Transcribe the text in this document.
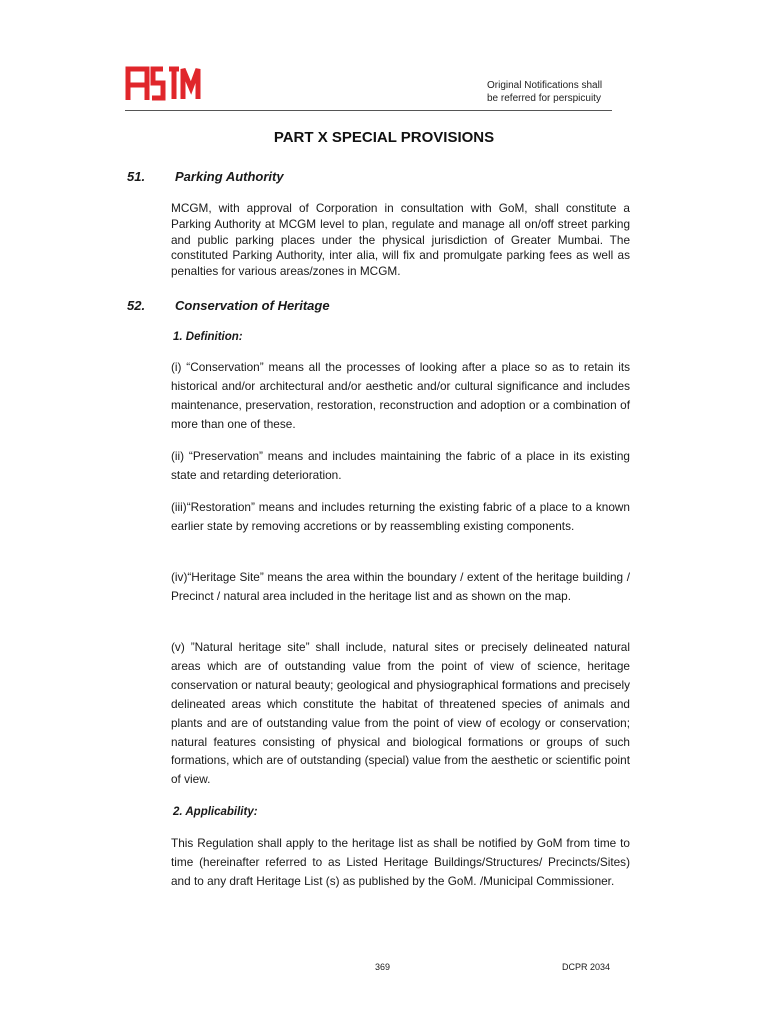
Original Notifications shall
be referred for perspicuity
PART X SPECIAL PROVISIONS
51. Parking Authority
MCGM, with approval of Corporation in consultation with GoM, shall constitute a Parking Authority at MCGM level to plan, regulate and manage all on/off street parking and public parking places under the physical jurisdiction of Greater Mumbai. The constituted Parking Authority, inter alia, will fix and promulgate parking fees as well as penalties for various areas/zones in MCGM.
52. Conservation of Heritage
1. Definition:
(i) “Conservation” means all the processes of looking after a place so as to retain its historical and/or architectural and/or aesthetic and/or cultural significance and includes maintenance, preservation, restoration, reconstruction and adoption or a combination of more than one of these.
(ii) “Preservation” means and includes maintaining the fabric of a place in its existing state and retarding deterioration.
(iii)“Restoration” means and includes returning the existing fabric of a place to a known earlier state by removing accretions or by reassembling existing components.
(iv)“Heritage Site” means the area within the boundary / extent of the heritage building / Precinct / natural area included in the heritage list and as shown on the map.
(v) ”Natural heritage site” shall include, natural sites or precisely delineated natural areas which are of outstanding value from the point of view of science, heritage conservation or natural beauty; geological and physiographical formations and precisely delineated areas which constitute the habitat of threatened species of animals and plants and are of outstanding value from the point of view of ecology or conservation; natural features consisting of physical and biological formations or groups of such formations, which are of outstanding (special) value from the aesthetic or scientific point of view.
2. Applicability:
This Regulation shall apply to the heritage list as shall be notified by GoM from time to time (hereinafter referred to as Listed Heritage Buildings/Structures/ Precincts/Sites) and to any draft Heritage List (s) as published by the GoM. /Municipal Commissioner.
369	DCPR 2034
